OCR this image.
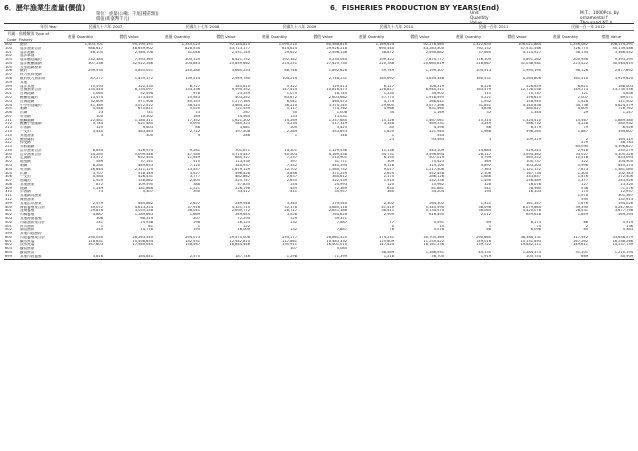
6．歷年漁業生產量(價值)	6．FISHERIES PRODUCTION BY YEARS(End)
單位：重量(公噸；千尾[種苗類])
價值(新臺幣千元)
Unit
Quantity
Value
M.T.；1000Pcs. by ornamental f
Thousand NT $
年別 Year		民國九十六年 2007		民國九十七年 2008		民國九十八年 2009		民國九十九年 2010		民國一百年 2011		民國一百一年 2012		
代碼 Code	魚種類別 Type of Fishery	產量 Quantity	價值 Value	產量 Quantity	價值 Value	產量 Quantity	價值 Value	產量 Quantity	價值 Value	產量 Quantity	價值 Value	產量 Quantity	價值 Value	
000	總計	1,503,701	95,195,151	1,345,025	92,144,815	1,090,210	80,588,816	1,169,624	92,276,465	1,322,835	106,021,884	1,256,082	108,174,291	
100	遠洋漁業合計	988,617	48,659,902	828,534	43,713,177	614,614	29,926,218	690,540	43,283,500	792,132	47,531,566	726,775	50,139,586	
101	遠洋拖網	46,105	2,364,708	31,046	2,451,149	29,622	2,496,136	38,872	2,490,882	37,665	4,114,927	36,134	3,366,452	
102	遠洋單拖													
103	遠洋鮪延繩釣	232,380	7,393,365	204,120	8,421,752	192,342	5,234,044	199,322	7,874,777	176,109	5,891,262	200,958	9,393,295	
104	遠洋鰹鮪圍網	307,236	32,922,266	204,843	25,859,662	214,251	27,425,730	220,788	25,665,819	218,667	31,038,981	223,422	30,564,615	
105	大型拖網漁業													
106	魷釣	299,935	4,855,051	240,280	3,665,233	68,746	1,892,626	59,749	1,199,307	104,513	1,995,190	98,126	2,677,692	
107	秋刀魚棒受網													
108	魷釣秋刀魚兩用	87,277	1,455,172	139,514	2,949,780	104,219	2,748,231	165,692	3,834,346	160,531	4,264,806	161,514	3,929,620	
109	其他													
199	遠洋其他	15,593	322,330	8,727	345,610	5,322	129,413	6,117	108,319	8,226	226,659	6,621	168,003	
200	近海漁業合計	135,440	8,754,097	133,336	9,594,352	147,414	10,816,473	128,817	8,940,311	163,579	12,728,058	149,273	13,730,556	
201	近海拖網	1,065	52,598	978	23,259	1,075	18,745	1,230	34,902	115	10,747	121	4,636	
202	鰹鮪延繩釣	13,474	273,455	15,943	403,242	63,672	2,603,682	57,775	1,918,955	5,221	156,615	2,007	69,071	
203	近海拖網	32,609	971,908	40,155	1,277,365	6,041	460,473	4,174	268,611	1,932	158,945	1,428	111,502	
204	中小型延繩釣	41,389	3,072,522	38,525	3,664,142	36,210	3,374,240	29,605	3,077,396	31,851	4,140,838	34,736	4,624,579	
205	刺網	5,548	675,811	5,020	721,559	5,117	774,762	4,966	631,560	3,838	580,817	4,605	716,762	
206	扒網	23	741	13	267	50	1,008	34	1,169	32	1,344	29	1,247	
207	焚寄網	100	10,302	169	14,565	133	13,031							
211	鯖鰺圍網	22,581	1,180,311	17,352	1,621,202	14,269	1,257,685	15,126	1,467,061	15,314	1,524,410	15,467	1,889,380	
212	鰹鮪小型圍網	5,744	621,485	5,095	585,323	4,234	517,319	3,358	569,331	3,249	586,732	3,228	585,932	
213	巾著網	125	4,603	88	3,681	105	5,425	85	4,396	86	6,579	79	6,926	
214	一支釣	3,440	483,463	2,712	397,508	2,289	353,853	1,820	321,940	1,988	396,265	1,867	394,607	
215	其他漁業	3	300	4	286	1	148	1	544					
221	鮪延繩釣							23	93,583	3	109,319	2	164,115		
222	棒受網											279	48,783		
223	赤鯮圍網											65,090	4,396,627		
230	沿岸漁業合計	6,654	526,974	9,261	701,671	14,301	1,129,536	11,136	543,109	14,684	529,243	2,916	255,279	
300	沿岸漁業合計	54,280	5,099,446	47,580	5,114,447	40,503	4,169,538	34,731	3,596,694	28,117	3,594,362	33,027	4,305,228	
301	定置網	13,572	652,454	11,949	685,327	7,237	510,901	6,155	507,019	5,799	565,252	10,516	833,093	
302	地曳網	589	37,141	515	113,530	397	31,771	309	75,423	369	100,737	322	104,905	
303	刺網	8,285	489,653	7,120	344,937	7,352	445,394	9,118	319,105	4,897	303,203	5,996	445,374	
304	焚寄網	16,644	2,311,124	13,557	1,679,129	12,702	1,580,752	9,017	1,217,506	7,363	1,121,122	7,873	1,381,080	
305	扒網	3,707	518,349	3,527	596,428	3,856	371,259	2,620	552,458	2,106	167,734	1,304	102,343	
306	一支釣	4,584	426,431	3,777	482,862	2,637	364,612	2,175	286,126	1,886	333,857	1,476	272,506	
307	延繩釣	1,929	158,862	2,405	325,747	2,655	322,539	1,910	242,336	1,490	256,489	1,377	243,926	
308	其他漁業	872	109,590	388	57,835	154	24,993	120	15,962	128	16,076	127	13,320	
309	拖網	1,249	181,866	1,221	226,198	455	72,369	630	81,881	541	78,965	536	71,576	
310	巾著網	73	5,307	390	33,412	411	35,957	360	34,204	194	16,303	175	12,957	
311	其他網具漁業											1,078	301,367		
312	雜魚漁業											595	131,913		
399	其他沿岸漁業	2,579	465,862	2,627	249,946	3,345	279,540	2,302	264,302	1,521	161,347	1,676	194,026	
400	海面養殖業合計	35,072	4,613,224	37,916	4,321,715	32,378	3,685,118	41,410	5,345,590	38,096	6,079,864	39,390	4,247,601	
401	淺海養殖	29,878	3,055,158	36,041	2,699,772	28,717	2,851,186	38,411	5,134,574	36,065	5,420,078	28,531	3,677,798	
402	內灣養殖	4,887	1,289,663	1,669	349,645	3,528	764,628	2,999	616,495	2,012	659,618	1,859	569,294	
403	其他海面養殖	306	68,319	207	72,294	129	39,371							
500	內陸漁撈業合計	241	14,938	198	16,123	132	7,887	77	5,591	69	6,173	66	5,519	
501	河川漁撈	1	61	1	122			0	15	1	75	2	136	
502	湖沼漁撈	240	14,778	195	16,000	132	7,887	76	5,576	68	6,098	65	5,383	
599	其他內陸漁撈													
600	內陸養殖業合計	290,050	28,263,540	294,073	29,475,006	255,177	26,861,525	274,251	30,705,369	290,660	36,384,131	317,542	33,658,579	
601	鹹水魚塭	118,631	10,498,654	132,931	12,442,815	117,861	10,463,332	125,609	11,259,422	149,016	15,151,893	167,262	18,248,266	
602	淡水魚塭	167,603	17,580,045	158,567	16,844,446	135,911	16,401,015	147,424	18,161,236	139,722	19,842,111	149,611	14,157,159	
603	觀賞魚類					107	5,085							
604	觀賞魚苗							38,569	1,186,931	44,135	1,284,374	51,101	1,210,194	
699	其他內陸養殖	3,816	184,841	2,575	187,746	1,298	71,399	1,218	36,700	1,919	105,754	669	40,909	
